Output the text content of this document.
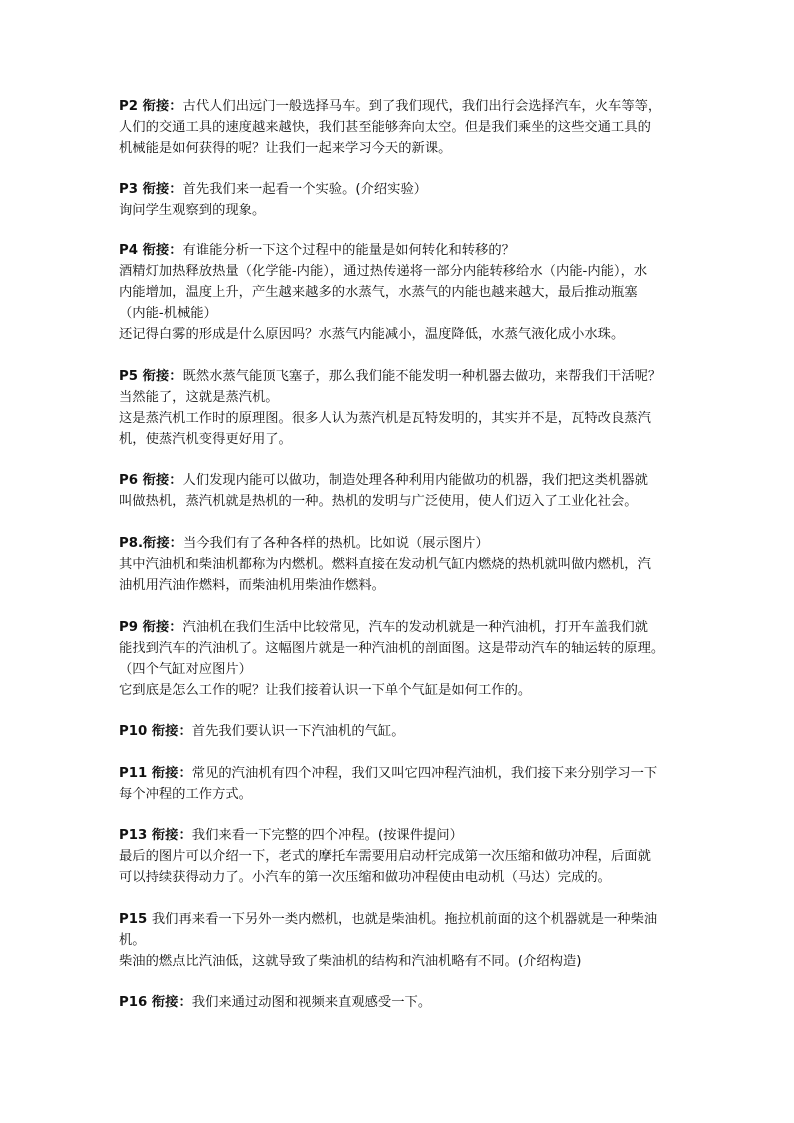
P2 衔接：古代人们出远门一般选择马车。到了我们现代，我们出行会选择汽车，火车等等，
人们的交通工具的速度越来越快，我们甚至能够奔向太空。但是我们乘坐的这些交通工具的
机械能是如何获得的呢？让我们一起来学习今天的新课。
P3 衔接：首先我们来一起看一个实验。(介绍实验）
询问学生观察到的现象。
P4 衔接：有谁能分析一下这个过程中的能量是如何转化和转移的？
酒精灯加热释放热量（化学能-内能），通过热传递将一部分内能转移给水（内能-内能），水
内能增加，温度上升，产生越来越多的水蒸气，水蒸气的内能也越来越大，最后推动瓶塞
（内能-机械能）
还记得白雾的形成是什么原因吗？水蒸气内能减小，温度降低，水蒸气液化成小水珠。
P5 衔接：既然水蒸气能顶飞塞子，那么我们能不能发明一种机器去做功，来帮我们干活呢？
当然能了，这就是蒸汽机。
这是蒸汽机工作时的原理图。很多人认为蒸汽机是瓦特发明的，其实并不是，瓦特改良蒸汽
机，使蒸汽机变得更好用了。
P6 衔接：人们发现内能可以做功，制造处理各种利用内能做功的机器，我们把这类机器就
叫做热机，蒸汽机就是热机的一种。热机的发明与广泛使用，使人们迈入了工业化社会。
P8.衔接：当今我们有了各种各样的热机。比如说（展示图片）
其中汽油机和柴油机都称为内燃机。燃料直接在发动机气缸内燃烧的热机就叫做内燃机，汽
油机用汽油作燃料，而柴油机用柴油作燃料。
P9 衔接：汽油机在我们生活中比较常见，汽车的发动机就是一种汽油机，打开车盖我们就
能找到汽车的汽油机了。这幅图片就是一种汽油机的剖面图。这是带动汽车的轴运转的原理。
（四个气缸对应图片）
它到底是怎么工作的呢？让我们接着认识一下单个气缸是如何工作的。
P10 衔接：首先我们要认识一下汽油机的气缸。
P11 衔接：常见的汽油机有四个冲程，我们又叫它四冲程汽油机，我们接下来分别学习一下
每个冲程的工作方式。
P13 衔接：我们来看一下完整的四个冲程。(按课件提问）
最后的图片可以介绍一下，老式的摩托车需要用启动杆完成第一次压缩和做功冲程，后面就
可以持续获得动力了。小汽车的第一次压缩和做功冲程使由电动机（马达）完成的。
P15 我们再来看一下另外一类内燃机，也就是柴油机。拖拉机前面的这个机器就是一种柴油
机。
柴油的燃点比汽油低，这就导致了柴油机的结构和汽油机略有不同。(介绍构造)
P16 衔接：我们来通过动图和视频来直观感受一下。
